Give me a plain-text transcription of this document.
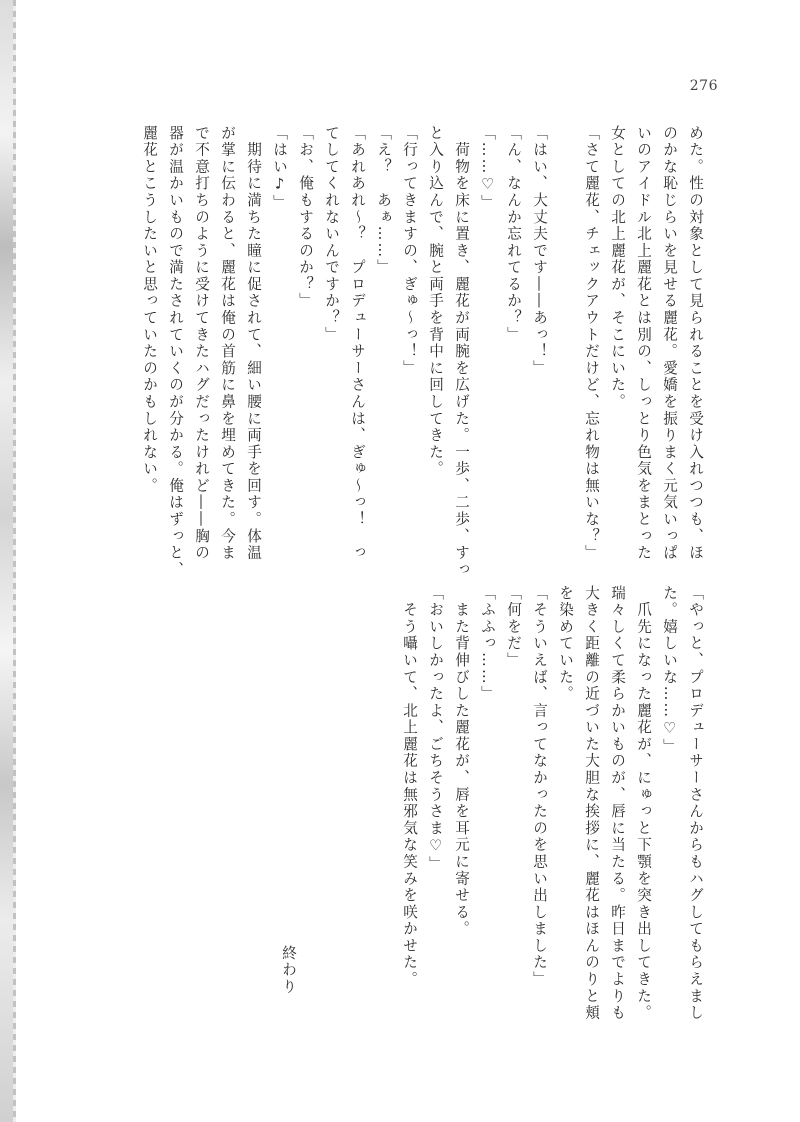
276

めた。性の対象として見られることを受け入れつつも、ほ

のかな恥じらいを見せる麗花。愛嬌を振りまく元気いっぱ

いのアイドル北上麗花とは別の、しっとり色気をまとった

女としての北上麗花が、そこにいた。

「さて麗花、チェックアウトだけど、忘れ物は無いな？」

「はい、大丈夫です――あっ！」

「ん、なんか忘れてるか？」

「……♡」

　荷物を床に置き、麗花が両腕を広げた。一歩、二歩、すっ

と入り込んで、腕と両手を背中に回してきた。

「行ってきますの、ぎゅ〜っ！」

「え？　あぁ……」

「あれあれ〜？　プロデューサーさんは、ぎゅ〜っ！　っ

てしてくれないんですか？」

「お、俺もするのか？」

「はい♪」

　期待に満ちた瞳に促されて、細い腰に両手を回す。体温

が掌に伝わると、麗花は俺の首筋に鼻を埋めてきた。今ま

で不意打ちのように受けてきたハグだったけれど――胸の

器が温かいもので満たされていくのが分かる。俺はずっと、

麗花とこうしたいと思っていたのかもしれない。

「やっと、プロデューサーさんからもハグしてもらえまし

た。嬉しいな……♡」

　爪先になった麗花が、にゅっと下顎を突き出してきた。

瑞々しくて柔らかいものが、唇に当たる。昨日までよりも

大きく距離の近づいた大胆な挨拶に、麗花はほんのりと頬

を染めていた。

「そういえば、言ってなかったのを思い出しました」

「何をだ」

「ふふっ……」

　また背伸びした麗花が、唇を耳元に寄せる。

「おいしかったよ、ごちそうさま♡」

　そう囁いて、北上麗花は無邪気な笑みを咲かせた。

終わり
